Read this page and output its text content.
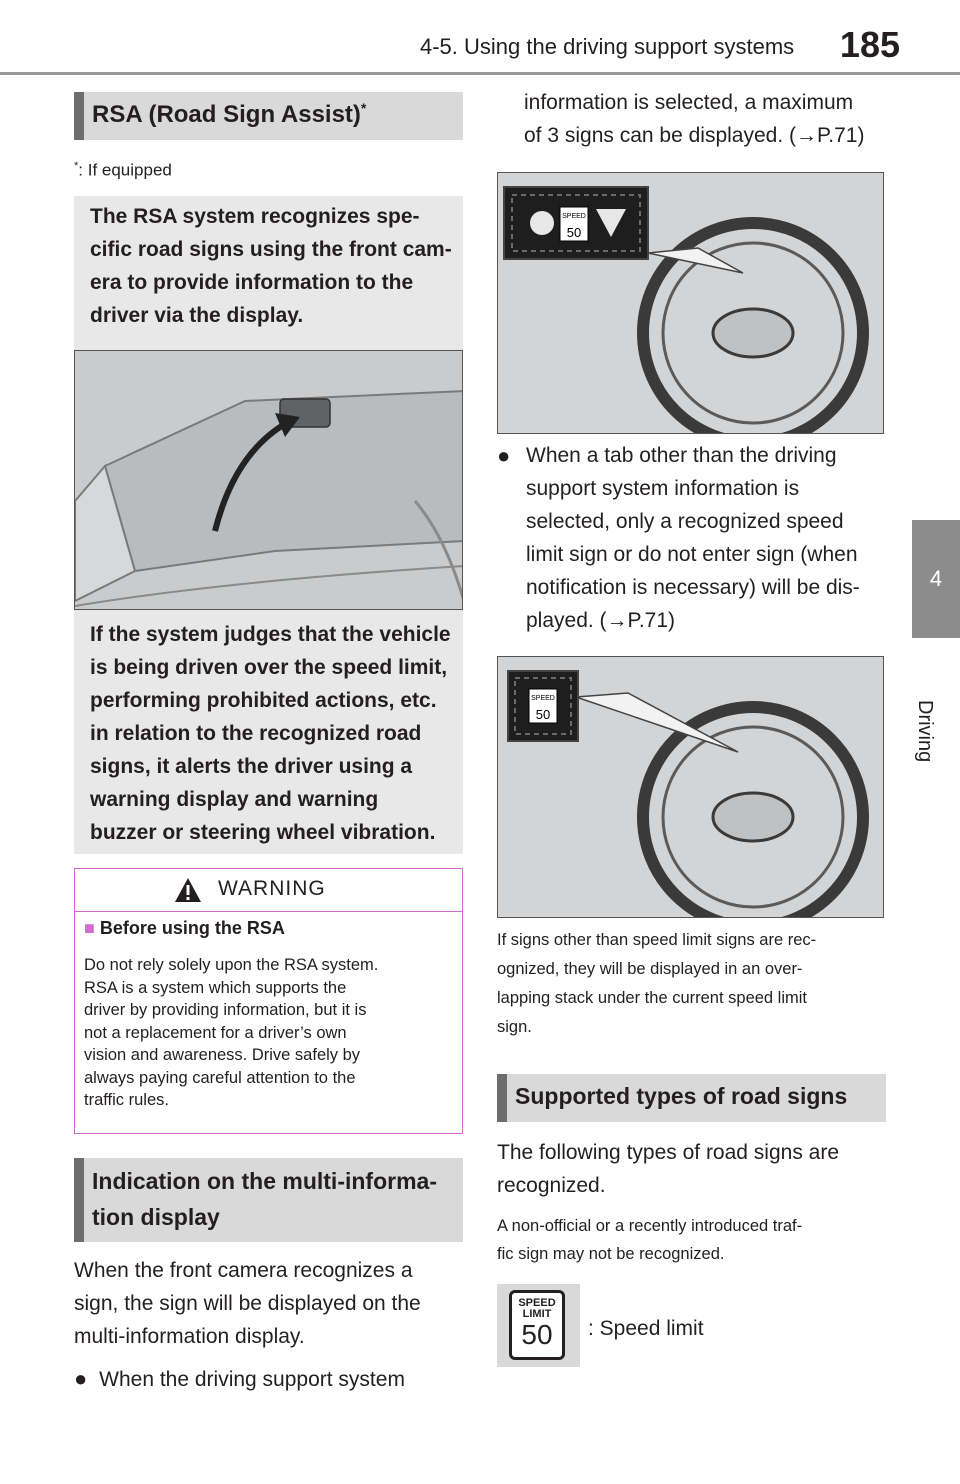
4-5. Using the driving support systems	185
4
Driving
RSA (Road Sign Assist)*
*: If equipped
The RSA system recognizes spe-
cific road signs using the front cam-
era to provide information to the
driver via the display.
If the system judges that the vehicle
is being driven over the speed limit,
performing prohibited actions, etc.
in relation to the recognized road
signs, it alerts the driver using a
warning display and warning
buzzer or steering wheel vibration.
WARNING
■ Before using the RSA
Do not rely solely upon the RSA system.
RSA is a system which supports the
driver by providing information, but it is
not a replacement for a driver’s own
vision and awareness. Drive safely by
always paying careful attention to the
traffic rules.
Indication on the multi-informa-
tion display
When the front camera recognizes a
sign, the sign will be displayed on the
multi-information display.
● When the driving support system
information is selected, a maximum
of 3 signs can be displayed. (→P.71)
SPEED
50
● When a tab other than the driving
support system information is
selected, only a recognized speed
limit sign or do not enter sign (when
notification is necessary) will be dis-
played. (→P.71)
SPEED
50
If signs other than speed limit signs are rec-
ognized, they will be displayed in an over-
lapping stack under the current speed limit
sign.
Supported types of road signs
The following types of road signs are
recognized.
A non-official or a recently introduced traf-
fic sign may not be recognized.
SPEED
LIMIT
50	: Speed limit
